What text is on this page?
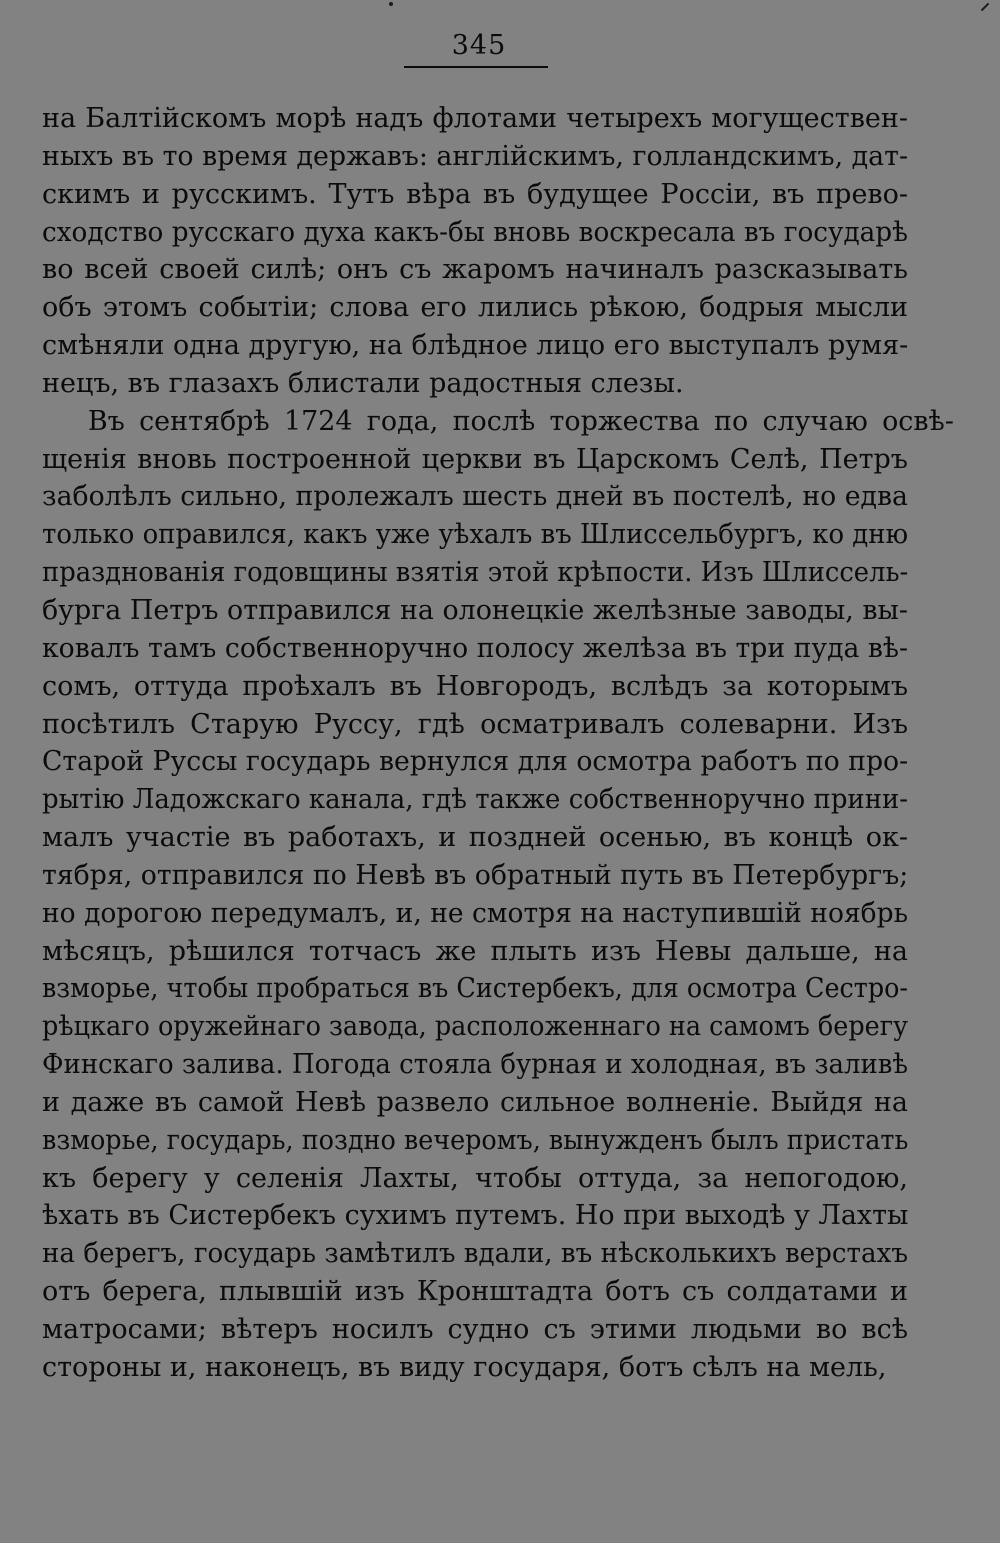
345
на Балтійскомъ морѣ надъ флотами четырехъ могуществен-
ныхъ въ то время державъ: англійскимъ, голландскимъ, дат-
скимъ и русскимъ. Тутъ вѣра въ будущее Россіи, въ прево-
сходство русскаго духа какъ-бы вновь воскресала въ государѣ
во всей своей силѣ; онъ съ жаромъ начиналъ разсказывать
объ этомъ событіи; слова его лились рѣкою, бодрыя мысли
смѣняли одна другую, на блѣдное лицо его выступалъ румя-
нецъ, въ глазахъ блистали радостныя слезы.
Въ сентябрѣ 1724 года, послѣ торжества по случаю освѣ-
щенія вновь построенной церкви въ Царскомъ Селѣ, Петръ
заболѣлъ сильно, пролежалъ шесть дней въ постелѣ, но едва
только оправился, какъ уже уѣхалъ въ Шлиссельбургъ, ко дню
празднованія годовщины взятія этой крѣпости. Изъ Шлиссель-
бурга Петръ отправился на олонецкіе желѣзные заводы, вы-
ковалъ тамъ собственноручно полосу желѣза въ три пуда вѣ-
сомъ, оттуда проѣхалъ въ Новгородъ, вслѣдъ за которымъ
посѣтилъ Старую Руссу, гдѣ осматривалъ солеварни. Изъ
Старой Руссы государь вернулся для осмотра работъ по про-
рытію Ладожскаго канала, гдѣ также собственноручно прини-
малъ участіе въ работахъ, и поздней осенью, въ концѣ ок-
тября, отправился по Невѣ въ обратный путь въ Петербургъ;
но дорогою передумалъ, и, не смотря на наступившій ноябрь
мѣсяцъ, рѣшился тотчасъ же плыть изъ Невы дальше, на
взморье, чтобы пробраться въ Систербекъ, для осмотра Сестро-
рѣцкаго оружейнаго завода, расположеннаго на самомъ берегу
Финскаго залива. Погода стояла бурная и холодная, въ заливѣ
и даже въ самой Невѣ развело сильное волненіе. Выйдя на
взморье, государь, поздно вечеромъ, вынужденъ былъ пристать
къ берегу у селенія Лахты, чтобы оттуда, за непогодою,
ѣхать въ Систербекъ сухимъ путемъ. Но при выходѣ у Лахты
на берегъ, государь замѣтилъ вдали, въ нѣсколькихъ верстахъ
отъ берега, плывшій изъ Кронштадта ботъ съ солдатами и
матросами; вѣтеръ носилъ судно съ этими людьми во всѣ
стороны и, наконецъ, въ виду государя, ботъ сѣлъ на мель,
